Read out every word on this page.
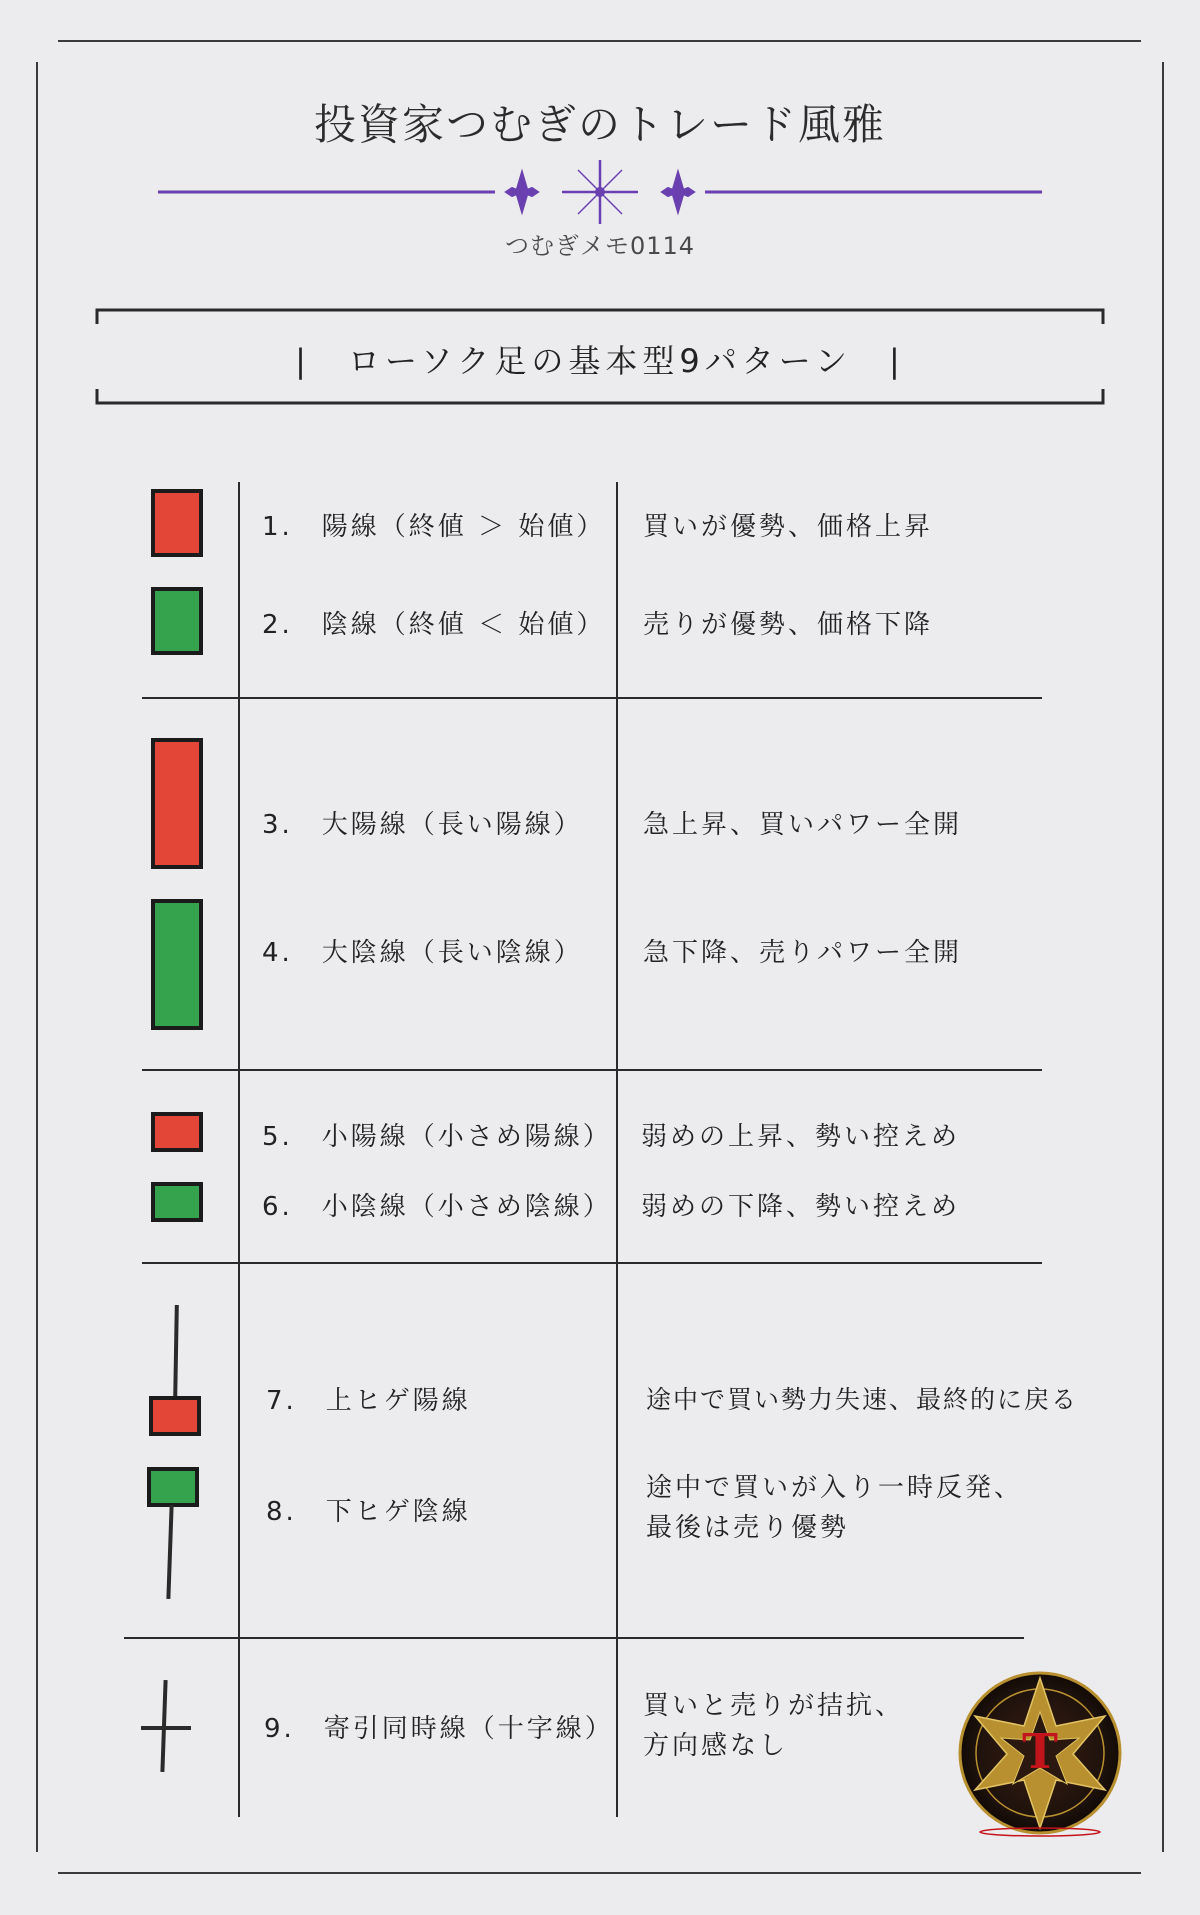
投資家つむぎのトレード風雅
つむぎメモ0114
|　ローソク足の基本型9パターン　|
1.　陽線（終値 ＞ 始値） 買いが優勢、価格上昇
2.　陰線（終値 ＜ 始値） 売りが優勢、価格下降
3.　大陽線（長い陽線） 急上昇、買いパワー全開
4.　大陰線（長い陰線） 急下降、売りパワー全開
5.　小陽線（小さめ陽線） 弱めの上昇、勢い控えめ
6.　小陰線（小さめ陰線） 弱めの下降、勢い控えめ
7.　上ヒゲ陽線	途中で買い勢力失速、最終的に戻る
8.　下ヒゲ陰線
途中で買いが入り一時反発、
最後は売り優勢
9.　寄引同時線（十字線）
買いと売りが拮抗、
方向感なし	T
